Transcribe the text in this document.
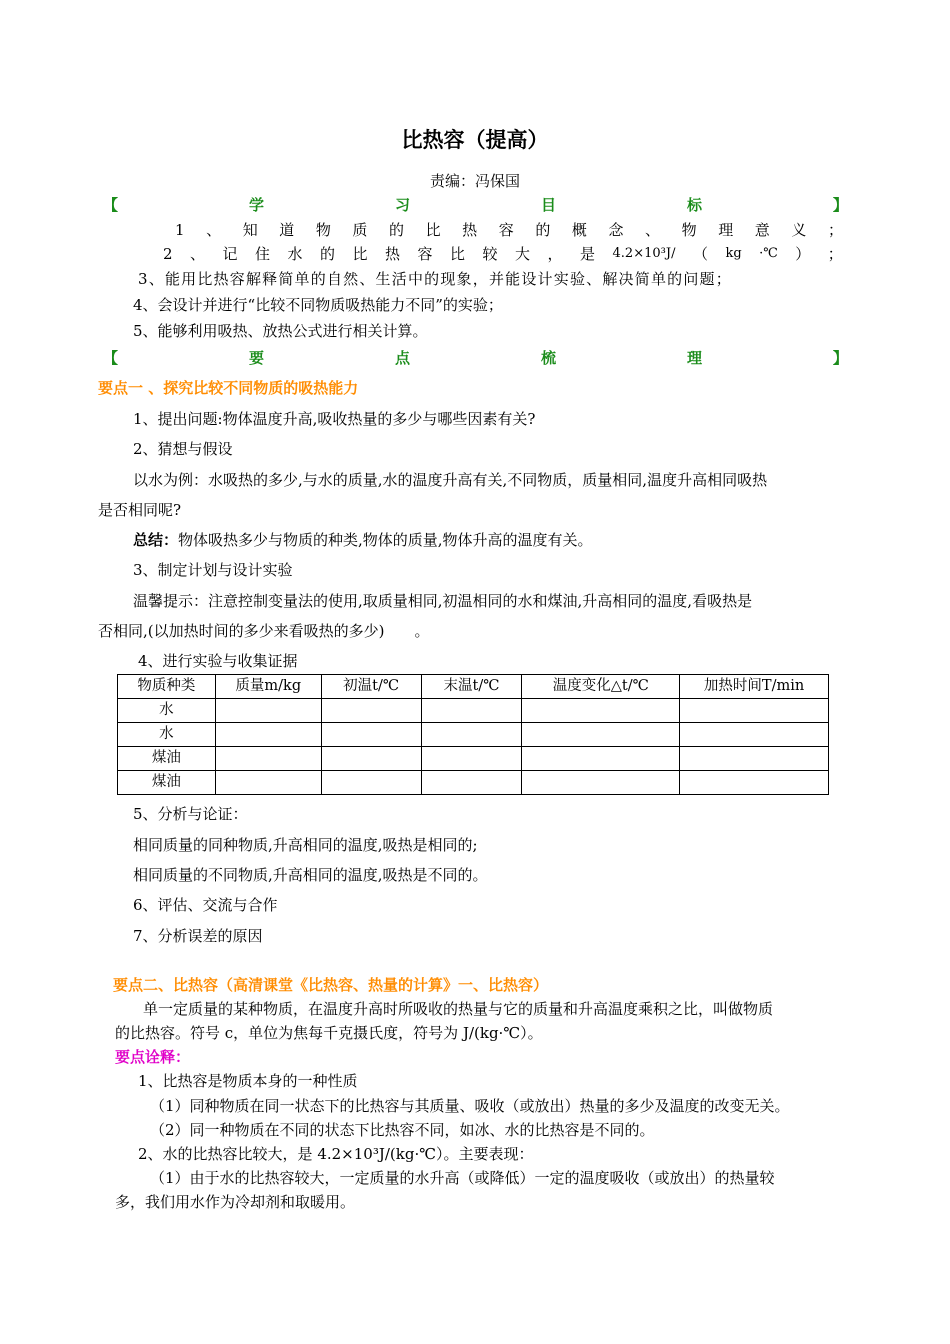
比热容（提高）
责编：冯保国
【	学	习	目	标	】
1 、 知 道 物 质 的 比 热 容 的 概 念 、 物 理 意 义 ；
2 、 记 住 水 的 比 热 容 比 较 大 ， 是 4.2×10³J/ （ kg ·℃ ） ；
3、能用比热容解释简单的自然、生活中的现象，并能设计实验、解决简单的问题；
4、会设计并进行“比较不同物质吸热能力不同”的实验；
5、能够利用吸热、放热公式进行相关计算。
【	要	点	梳	理	】
要点一 、探究比较不同物质的吸热能力
1、提出问题:物体温度升高,吸收热量的多少与哪些因素有关?
2、猜想与假设
以水为例：水吸热的多少,与水的质量,水的温度升高有关,不同物质，质量相同,温度升高相同吸热
是否相同呢?
总结：物体吸热多少与物质的种类,物体的质量,物体升高的温度有关。
3、制定计划与设计实验
温馨提示：注意控制变量法的使用,取质量相同,初温相同的水和煤油,升高相同的温度,看吸热是
否相同,(以加热时间的多少来看吸热的多少)　　。
4、进行实验与收集证据
物质种类	质量m/kg	初温t/℃	末温t/℃	温度变化△t/℃	加热时间T/min
水					
水					
煤油					
煤油					
5、分析与论证：
相同质量的同种物质,升高相同的温度,吸热是相同的;
相同质量的不同物质,升高相同的温度,吸热是不同的。
6、评估、交流与合作
7、分析误差的原因
要点二、比热容（高清课堂《比热容、热量的计算》一、比热容）
单一定质量的某种物质，在温度升高时所吸收的热量与它的质量和升高温度乘积之比，叫做物质
的比热容。符号 c，单位为焦每千克摄氏度，符号为 J/(kg·℃）。
要点诠释：
1、比热容是物质本身的一种性质
（1）同种物质在同一状态下的比热容与其质量、吸收（或放出）热量的多少及温度的改变无关。
（2）同一种物质在不同的状态下比热容不同，如冰、水的比热容是不同的。
2、水的比热容比较大，是 4.2×10³J/(kg·℃）。主要表现：
（1）由于水的比热容较大，一定质量的水升高（或降低）一定的温度吸收（或放出）的热量较
多，我们用水作为冷却剂和取暖用。
